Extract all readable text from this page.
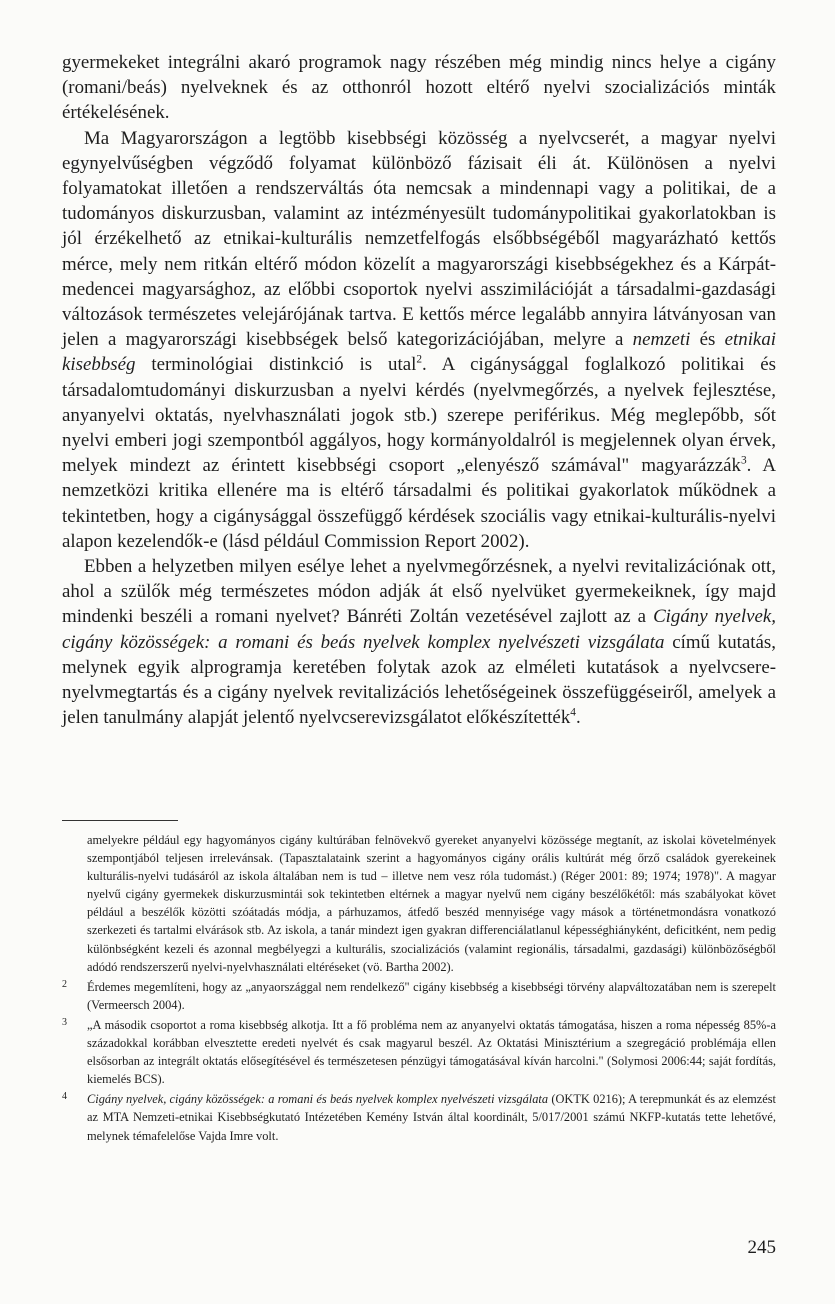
gyermekeket integrálni akaró programok nagy részében még mindig nincs helye a cigány (romani/beás) nyelveknek és az otthonról hozott eltérő nyelvi szocializációs minták értékelésének.

Ma Magyarországon a legtöbb kisebbségi közösség a nyelvcserét, a magyar nyelvi egynyelvűségben végződő folyamat különböző fázisait éli át. Különösen a nyelvi folyamatokat illetően a rendszerváltás óta nemcsak a mindennapi vagy a politikai, de a tudományos diskurzusban, valamint az intézményesült tudománypolitikai gyakorlatokban is jól érzékelhető az etnikai-kulturális nemzetfelfogás elsőbbségéből magyarázható kettős mérce, mely nem ritkán eltérő módon közelít a magyarországi kisebbségekhez és a Kárpát-medencei magyarsághoz, az előbbi csoportok nyelvi asszimilációját a társadalmi-gazdasági változások természetes velejárójának tartva. E kettős mérce legalább annyira látványosan van jelen a magyarországi kisebbségek belső kategorizációjában, melyre a nemzeti és etnikai kisebbség terminológiai distinkció is utal$^2$. A cigánysággal foglalkozó politikai és társadalomtudományi diskurzusban a nyelvi kérdés (nyelvmegőrzés, a nyelvek fejlesztése, anyanyelvi oktatás, nyelvhasználati jogok stb.) szerepe periférikus. Még meglepőbb, sőt nyelvi emberi jogi szempontból aggályos, hogy kormányoldalról is megjelennek olyan érvek, melyek mindezt az érintett kisebbségi csoport „elenyésző számával" magyarázzák$^3$. A nemzetközi kritika ellenére ma is eltérő társadalmi és politikai gyakorlatok működnek a tekintetben, hogy a cigánysággal összefüggő kérdések szociális vagy etnikai-kulturális-nyelvi alapon kezelendők-e (lásd például Commission Report 2002).

Ebben a helyzetben milyen esélye lehet a nyelvmegőrzésnek, a nyelvi revitalizációnak ott, ahol a szülők még természetes módon adják át első nyelvüket gyermekeiknek, így majd mindenki beszéli a romani nyelvet? Bánréti Zoltán vezetésével zajlott az a Cigány nyelvek, cigány közösségek: a romani és beás nyelvek komplex nyelvészeti vizsgálata című kutatás, melynek egyik alprogramja keretében folytak azok az elméleti kutatások a nyelvcsere-nyelvmegtartás és a cigány nyelvek revitalizációs lehetőségeinek összefüggéseiről, amelyek a jelen tanulmány alapját jelentő nyelvcserevizsgálatot előkészítették$^4$.

amelyekre például egy hagyományos cigány kultúrában felnövekvő gyereket anyanyelvi közössége megtanít, az iskolai követelmények szempontjából teljesen irrelevánsak. (Tapasztalataink szerint a hagyományos cigány orális kultúrát még őrző családok gyerekeinek kulturális-nyelvi tudásáról az iskola általában nem is tud – illetve nem vesz róla tudomást.) (Réger 2001: 89; 1974; 1978)". A magyar nyelvű cigány gyermekek diskurzusmintái sok tekintetben eltérnek a magyar nyelvű nem cigány beszélőkétől: más szabályokat követ például a beszélők közötti szóátadás módja, a párhuzamos, átfedő beszéd mennyisége vagy mások a történetmondásra vonatkozó szerkezeti és tartalmi elvárások stb. Az iskola, a tanár mindezt igen gyakran differenciálatlanul képességhiányként, deficitként, nem pedig különbségként kezeli és azonnal megbélyegzi a kulturális, szocializációs (valamint regionális, társadalmi, gazdasági) különbözőségből adódó rendszerszerű nyelvi-nyelvhasználati eltéréseket (vö. Bartha 2002).
2	Érdemes megemlíteni, hogy az „anyaországgal nem rendelkező" cigány kisebbség a kisebbségi törvény alapváltozatában nem is szerepelt (Vermeersch 2004).
3	„A második csoportot a roma kisebbség alkotja. Itt a fő probléma nem az anyanyelvi oktatás támogatása, hiszen a roma népesség 85%-a századokkal korábban elvesztette eredeti nyelvét és csak magyarul beszél. Az Oktatási Minisztérium a szegregáció problémája ellen elsősorban az integrált oktatás elősegítésével és természetesen pénzügyi támogatásával kíván harcolni." (Solymosi 2006:44; saját fordítás, kiemelés BCS).
4	Cigány nyelvek, cigány közösségek: a romani és beás nyelvek komplex nyelvészeti vizsgálata (OKTK 0216); A terepmunkát és az elemzést az MTA Nemzeti-etnikai Kisebbségkutató Intézetében Kemény István által koordinált, 5/017/2001 számú NKFP-kutatás tette lehetővé, melynek témafelelőse Vajda Imre volt.
245
